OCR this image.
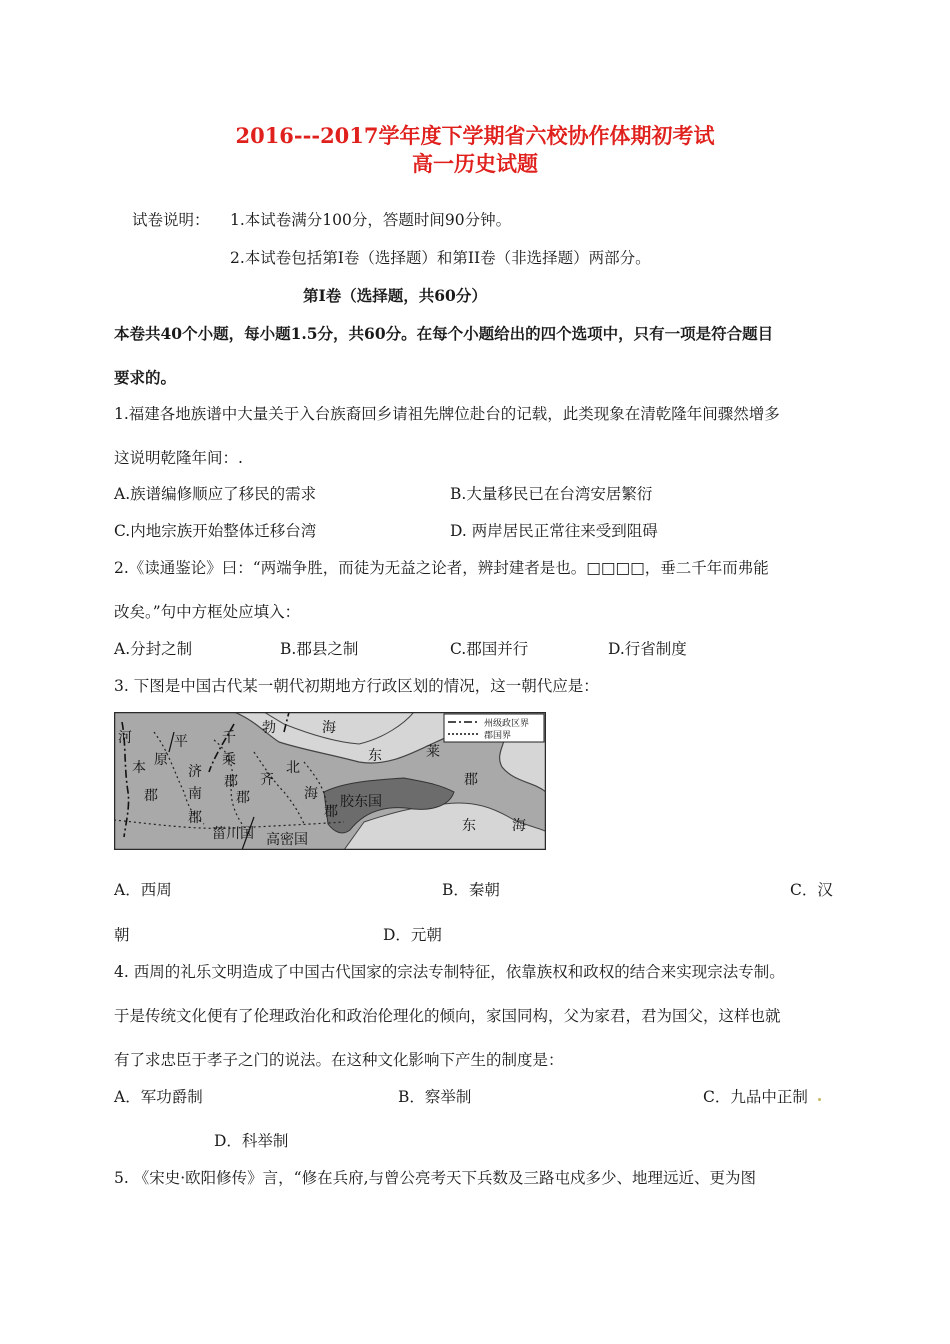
2016---2017学年度下学期省六校协作体期初考试
高一历史试题
试卷说明： 1.本试卷满分100分，答题时间90分钟。
2.本试卷包括第Ⅰ卷（选择题）和第II卷（非选择题）两部分。
第Ⅰ卷（选择题，共60分）
本卷共40个小题，每小题1.5分，共60分。在每个小题给出的四个选项中，只有一项是符合题目
要求的。
1.福建各地族谱中大量关于入台族裔回乡请祖先牌位赴台的记载，此类现象在清乾隆年间骤然增多
这说明乾隆年间：.
A.族谱编修顺应了移民的需求	B.大量移民已在台湾安居繁衍
C.内地宗族开始整体迁移台湾	D. 两岸居民正常往来受到阻碍
2.《读通鉴论》曰：“两端争胜，而徒为无益之论者，辨封建者是也。□□□□，垂二千年而弗能
改矣。”句中方框处应填入：
A.分封之制	B.郡县之制	C.郡国并行	D.行省制度
3. 下图是中国古代某一朝代初期地方行政区划的情况，这一朝代应是：
州级政区界
郡国界
河
本
郡
平
原
千
乘
郡
济
南
郡
齐
郡
北
海
郡
勃	海
胶东国
东	莱
郡
菑川国 高密国
东	海
A．西周	B．秦朝	C．汉
朝	D．元朝
4. 西周的礼乐文明造成了中国古代国家的宗法专制特征，依靠族权和政权的结合来实现宗法专制。
于是传统文化便有了伦理政治化和政治伦理化的倾向，家国同构，父为家君，君为国父，这样也就
有了求忠臣于孝子之门的说法。在这种文化影响下产生的制度是：
A．军功爵制	B．察举制	C．九品中正制
D．科举制
5. 《宋史·欧阳修传》言，“修在兵府,与曾公亮考天下兵数及三路屯戍多少、地理远近、更为图
